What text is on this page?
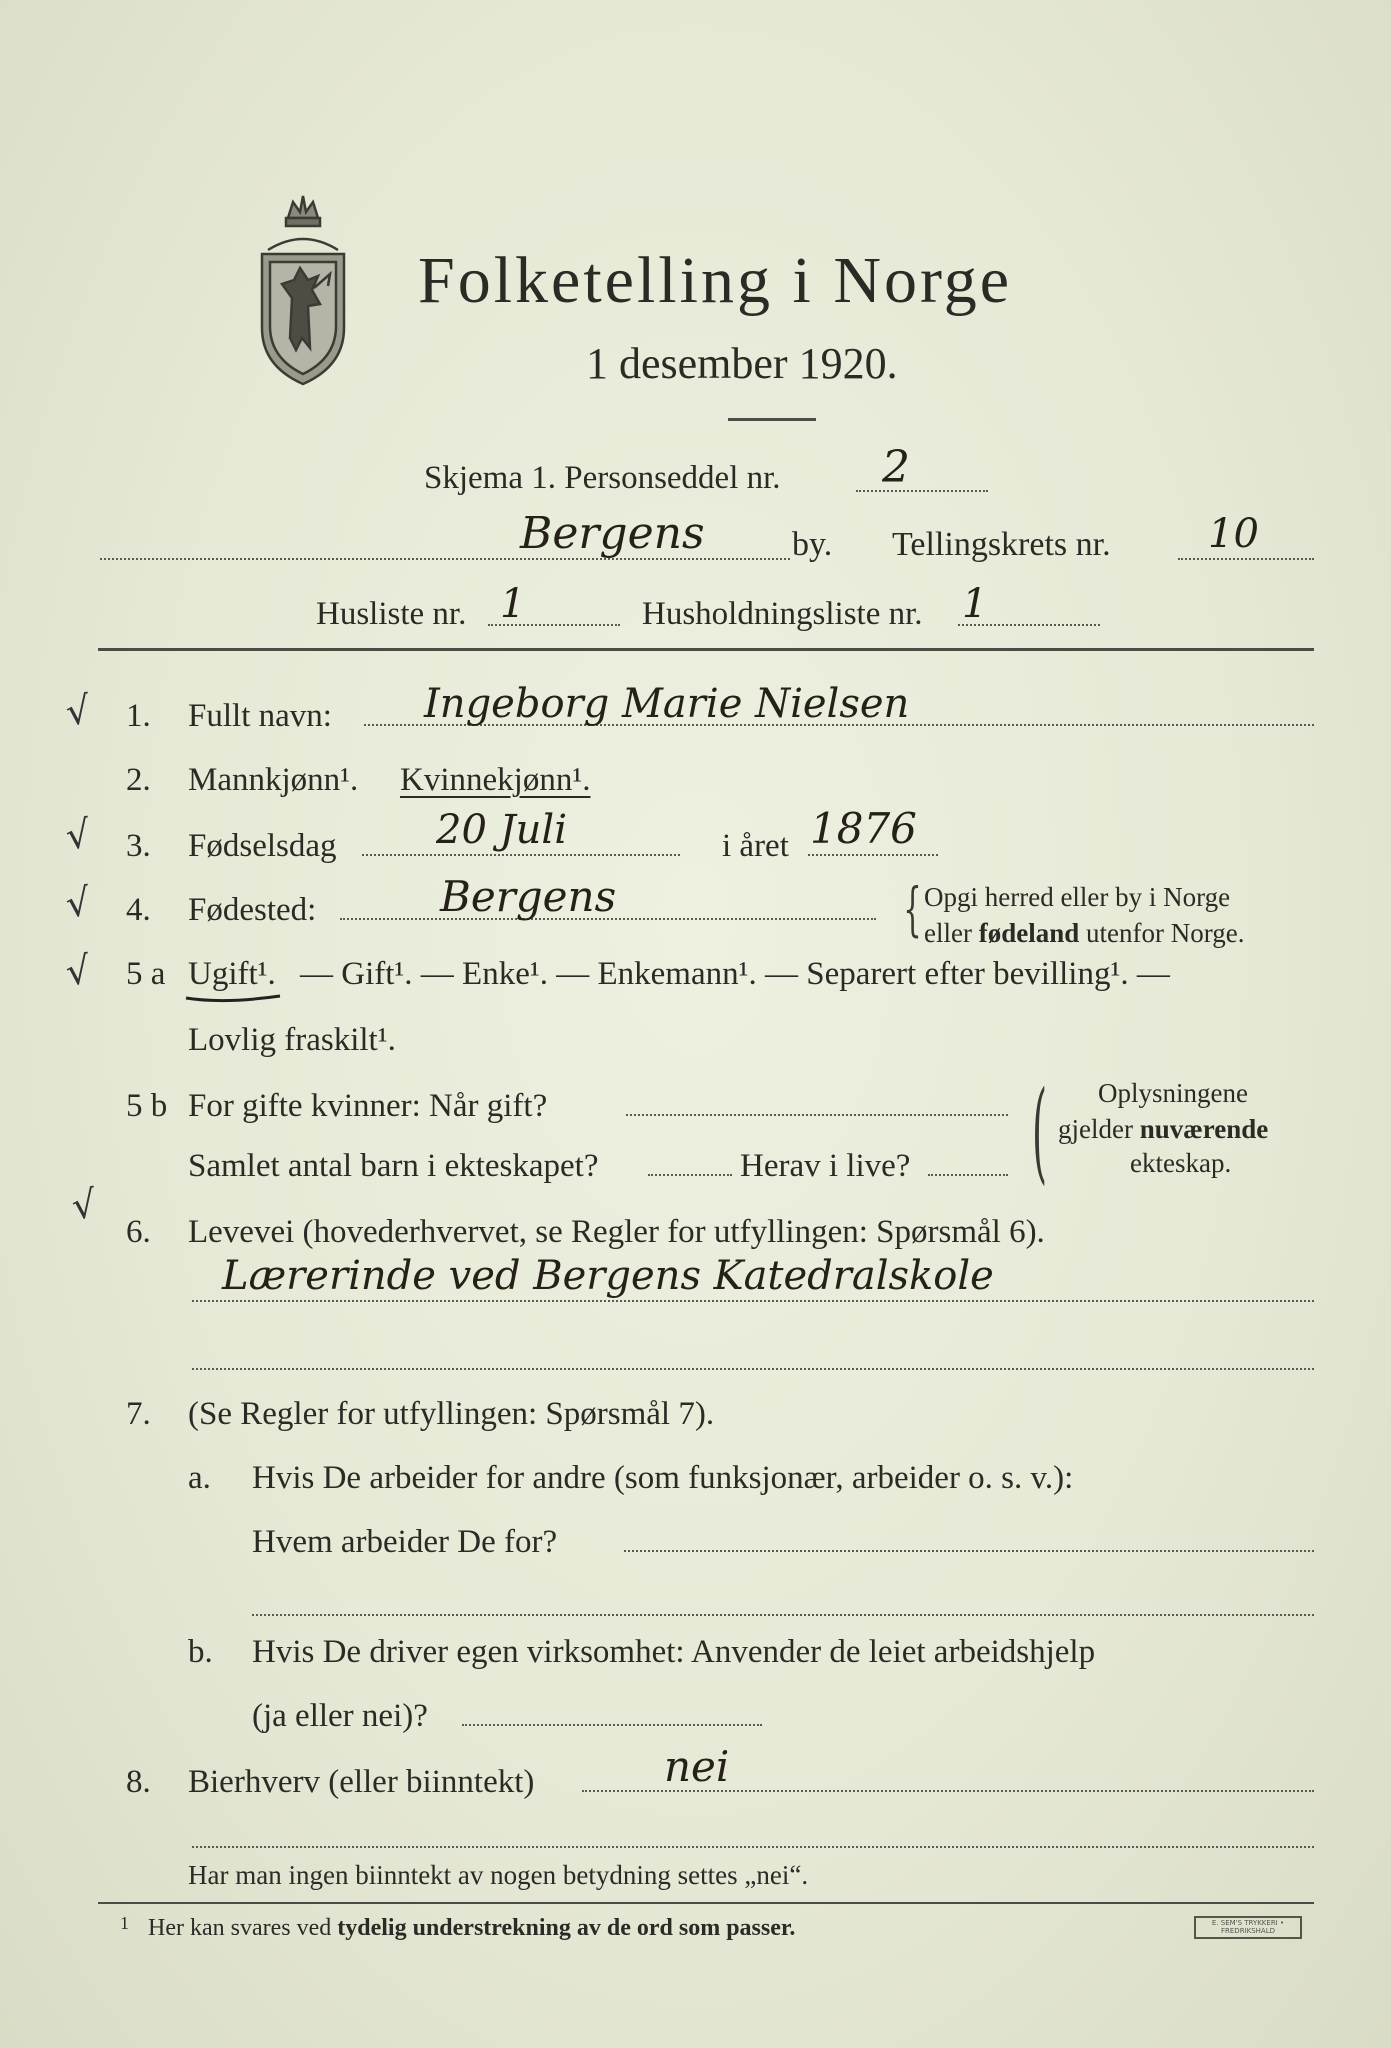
Folketelling i Norge
1 desember 1920.
Skjema 1. Personseddel nr. 2
Bergens	by. Tellingskrets nr. 10
Husliste nr. 1	Husholdningsliste nr. 1
√
√
√
√
√
1. Fullt navn: Ingeborg Marie Nielsen
2. Mannkjønn¹. Kvinnekjønn¹.
3. Fødselsdag 20 Juli	i året 1876
4. Fødested:	Bergens	{ Opgi herred eller by i Norge
eller fødeland utenfor Norge.
5 a Ugift¹. — Gift¹. — Enke¹. — Enkemann¹. — Separert efter bevilling¹. —
Lovlig fraskilt¹.
5 b For gifte kvinner: Når gift?
Samlet antal barn i ekteskapet?	Herav i live? ( Oplysningene
gjelder nuværende
ekteskap.
6. Levevei (hovederhvervet, se Regler for utfyllingen: Spørsmål 6).
Lærerinde ved Bergens Katedralskole
7. (Se Regler for utfyllingen: Spørsmål 7).
a. Hvis De arbeider for andre (som funksjonær, arbeider o. s. v.):
Hvem arbeider De for?
b. Hvis De driver egen virksomhet: Anvender de leiet arbeidshjelp
(ja eller nei)?
8. Bierhverv (eller biinntekt)	nei
Har man ingen biinntekt av nogen betydning settes „nei“.
1 Her kan svares ved tydelig understrekning av de ord som passer.	E. SEM'S TRYKKERI • FREDRIKSHALD
